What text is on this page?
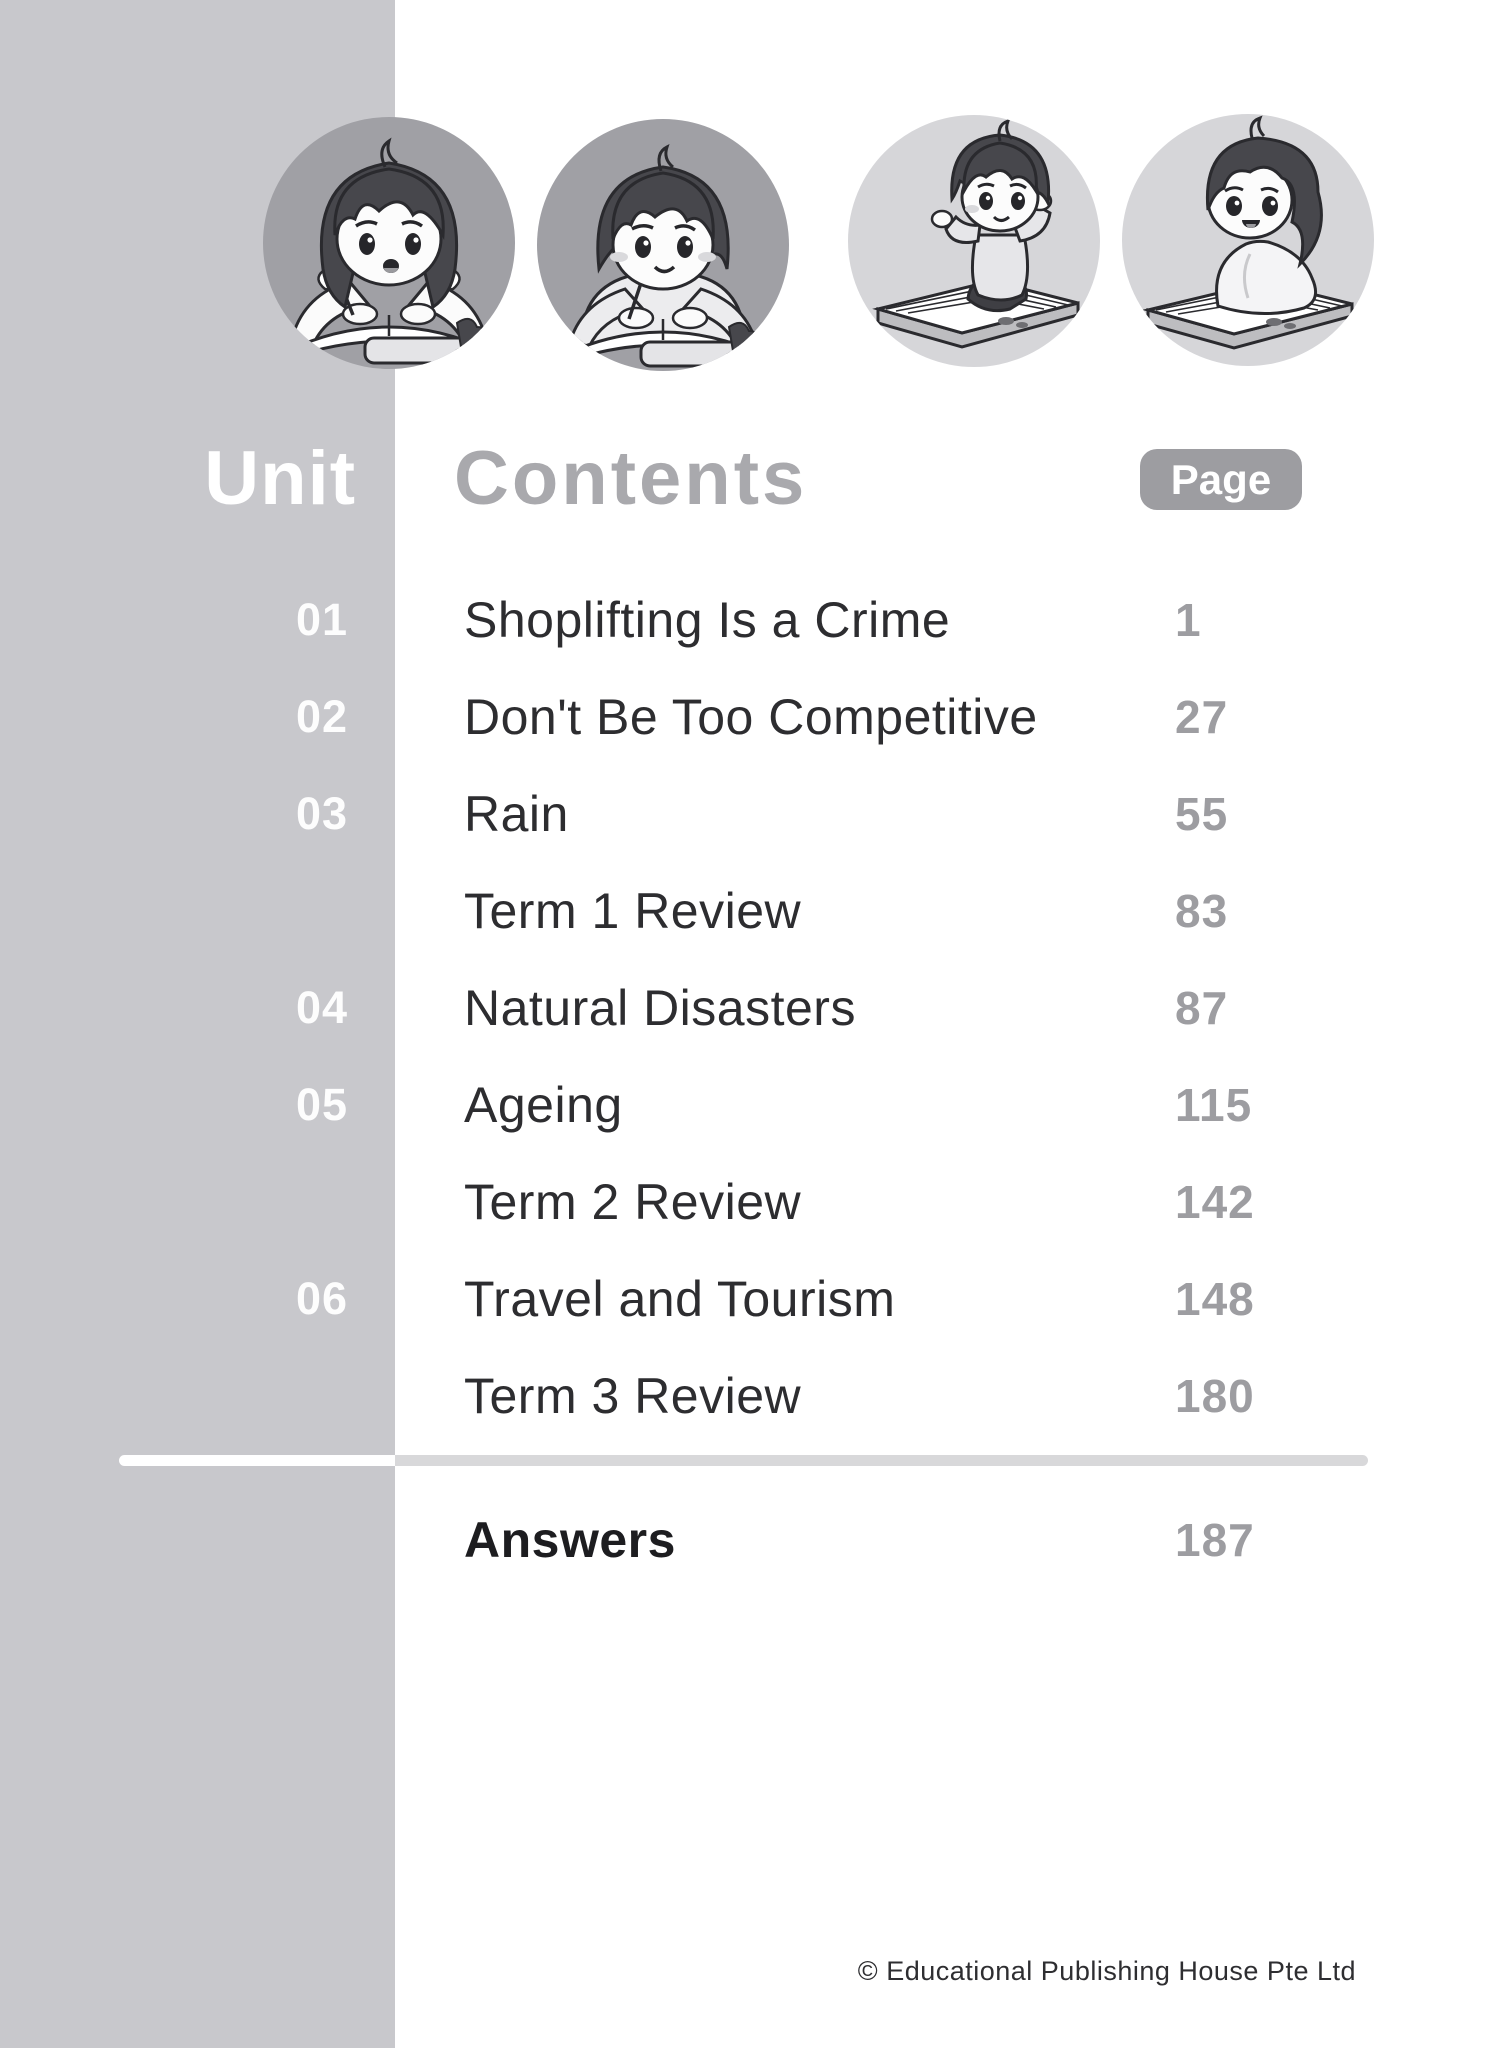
Unit Contents	Page
01 Shoplifting Is a Crime	1
02 Don't Be Too Competitive	27
03 Rain	55
Term 1 Review	83
04 Natural Disasters	87
05 Ageing	115
Term 2 Review	142
06 Travel and Tourism	148
Term 3 Review	180
Answers	187
© Educational Publishing House Pte Ltd
